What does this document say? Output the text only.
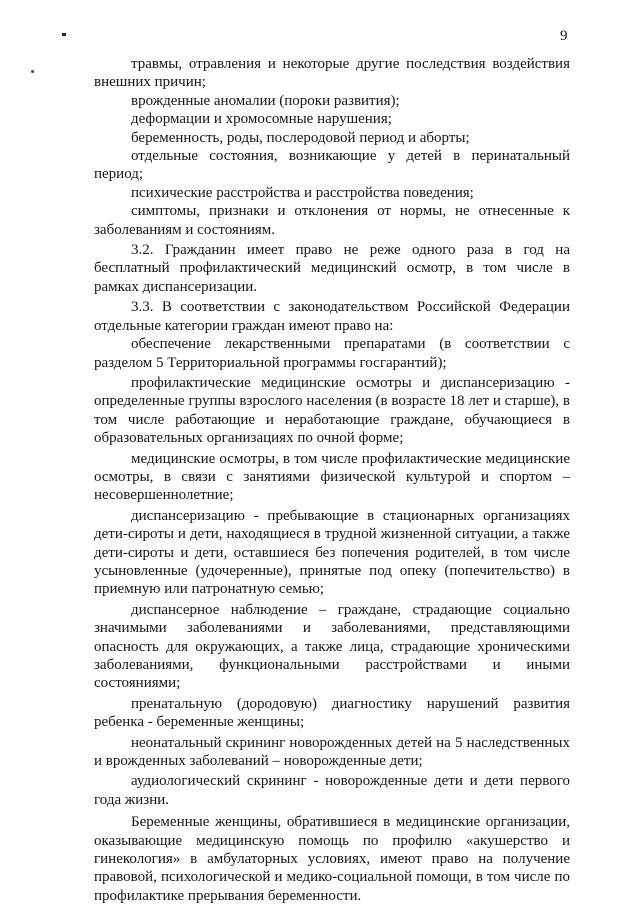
9

травмы, отравления и некоторые другие последствия воздействия внешних причин;

врожденные аномалии (пороки развития);

деформации и хромосомные нарушения;

беременность, роды, послеродовой период и аборты;

отдельные состояния, возникающие у детей в перинатальный период;

психические расстройства и расстройства поведения;

симптомы, признаки и отклонения от нормы, не отнесенные к заболеваниям и состояниям.

3.2. Гражданин имеет право не реже одного раза в год на бесплатный профилактический медицинский осмотр, в том числе в рамках диспансеризации.

3.3. В соответствии с законодательством Российской Федерации отдельные категории граждан имеют право на:

обеспечение лекарственными препаратами (в соответствии с разделом 5 Территориальной программы госгарантий);

профилактические медицинские осмотры и диспансеризацию - определенные группы взрослого населения (в возрасте 18 лет и старше), в том числе работающие и неработающие граждане, обучающиеся в образовательных организациях по очной форме;

медицинские осмотры, в том числе профилактические медицинские осмотры, в связи с занятиями физической культурой и спортом – несовершеннолетние;

диспансеризацию - пребывающие в стационарных организациях дети-сироты и дети, находящиеся в трудной жизненной ситуации, а также дети-сироты и дети, оставшиеся без попечения родителей, в том числе усыновленные (удочеренные), принятые под опеку (попечительство) в приемную или патронатную семью;

диспансерное наблюдение – граждане, страдающие социально значимыми заболеваниями и заболеваниями, представляющими опасность для окружающих, а также лица, страдающие хроническими заболеваниями, функциональными расстройствами и иными состояниями;

пренатальную (дородовую) диагностику нарушений развития ребенка - беременные женщины;

неонатальный скрининг новорожденных детей на 5 наследственных и врожденных заболеваний – новорожденные дети;

аудиологический скрининг - новорожденные дети и дети первого года жизни.

Беременные женщины, обратившиеся в медицинские организации, оказывающие медицинскую помощь по профилю «акушерство и гинекология» в амбулаторных условиях, имеют право на получение правовой, психологической и медико-социальной помощи, в том числе по профилактике прерывания беременности.
